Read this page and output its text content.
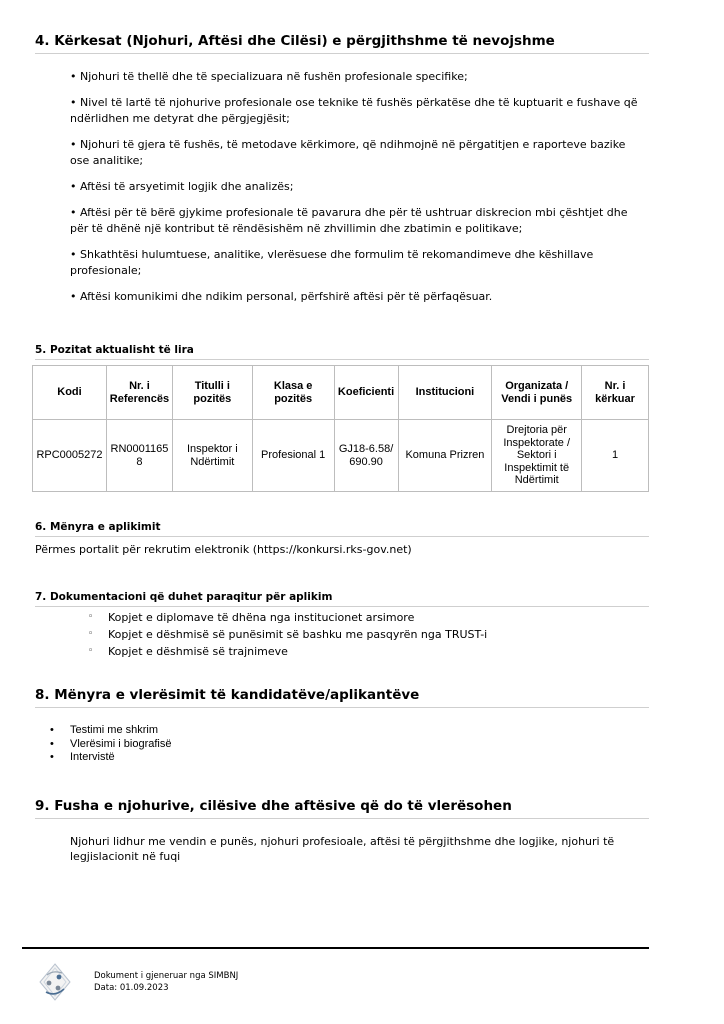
4. Kërkesat (Njohuri, Aftësi dhe Cilësi) e përgjithshme të nevojshme
• Njohuri të thellë dhe të specializuara në fushën profesionale specifike;
• Nivel të lartë të njohurive profesionale ose teknike të fushës përkatëse dhe të kuptuarit e fushave që ndërlidhen me detyrat dhe përgjegjësit;
• Njohuri të gjera të fushës, të metodave kërkimore, që ndihmojnë në përgatitjen e raporteve bazike ose analitike;
• Aftësi të arsyetimit logjik dhe analizës;
• Aftësi për të bërë gjykime profesionale të pavarura dhe për të ushtruar diskrecion mbi çështjet dhe për të dhënë një kontribut të rëndësishëm në zhvillimin dhe zbatimin e politikave;
• Shkathtësi hulumtuese, analitike, vlerësuese dhe formulim të rekomandimeve dhe këshillave profesionale;
• Aftësi komunikimi dhe ndikim personal, përfshirë aftësi për të përfaqësuar.
5. Pozitat aktualisht të lira
Kodi	Nr. i Referencës	Titulli i pozitës	Klasa e pozitës	Koeficienti	Institucioni	Organizata / Vendi i punës	Nr. i kërkuar
RPC0005272	RN00011658	Inspektor i Ndërtimit	Profesional 1	GJ18-6.58/690.90	Komuna Prizren	Drejtoria për Inspektorate / Sektori i Inspektimit të Ndërtimit	1
6. Mënyra e aplikimit
Përmes portalit për rekrutim elektronik (https://konkursi.rks-gov.net)
7. Dokumentacioni që duhet paraqitur për aplikim
◦	Kopjet e diplomave të dhëna nga institucionet arsimore
◦	Kopjet e dëshmisë së punësimit së bashku me pasqyrën nga TRUST-i
◦	Kopjet e dëshmisë së trajnimeve
8. Mënyra e vlerësimit të kandidatëve/aplikantëve
•	Testimi me shkrim
•	Vlerësimi i biografisë
•	Intervistë
9. Fusha e njohurive, cilësive dhe aftësive që do të vlerësohen
Njohuri lidhur me vendin e punës, njohuri profesioale, aftësi të përgjithshme dhe logjike, njohuri të legjislacionit në fuqi
Dokument i gjeneruar nga SIMBNJ
Data: 01.09.2023
